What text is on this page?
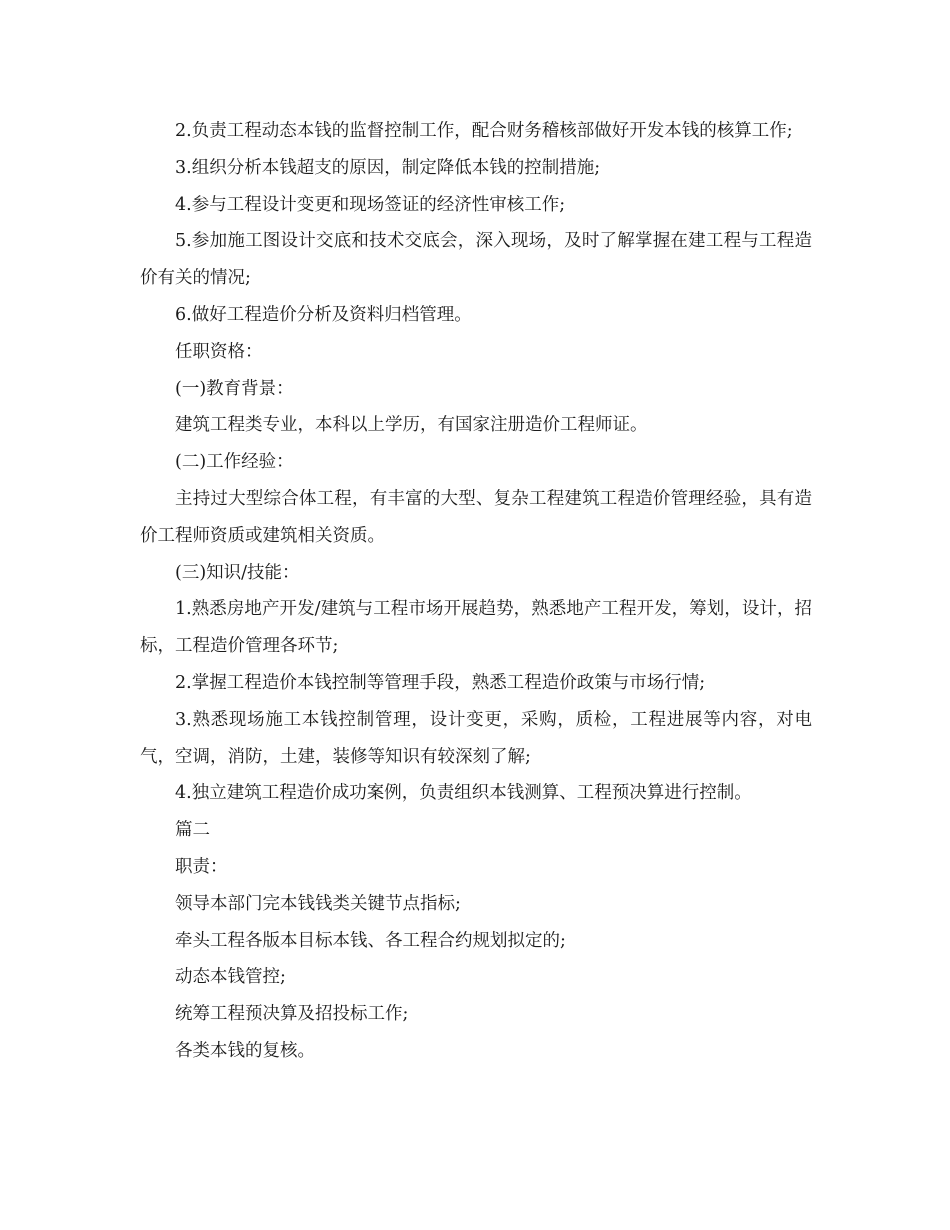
2.负责工程动态本钱的监督控制工作，配合财务稽核部做好开发本钱的核算工作;

3.组织分析本钱超支的原因，制定降低本钱的控制措施;

4.参与工程设计变更和现场签证的经济性审核工作;

5.参加施工图设计交底和技术交底会，深入现场，及时了解掌握在建工程与工程造价有关的情况;

6.做好工程造价分析及资料归档管理。

任职资格：

(一)教育背景：

建筑工程类专业，本科以上学历，有国家注册造价工程师证。

(二)工作经验：

主持过大型综合体工程，有丰富的大型、复杂工程建筑工程造价管理经验，具有造价工程师资质或建筑相关资质。

(三)知识/技能：

1.熟悉房地产开发/建筑与工程市场开展趋势，熟悉地产工程开发，筹划，设计，招标，工程造价管理各环节;

2.掌握工程造价本钱控制等管理手段，熟悉工程造价政策与市场行情;

3.熟悉现场施工本钱控制管理，设计变更，采购，质检，工程进展等内容，对电气，空调，消防，土建，装修等知识有较深刻了解;

4.独立建筑工程造价成功案例，负责组织本钱测算、工程预决算进行控制。

篇二

职责：

领导本部门完本钱钱类关键节点指标;

牵头工程各版本目标本钱、各工程合约规划拟定的;

动态本钱管控;

统筹工程预决算及招投标工作;

各类本钱的复核。
